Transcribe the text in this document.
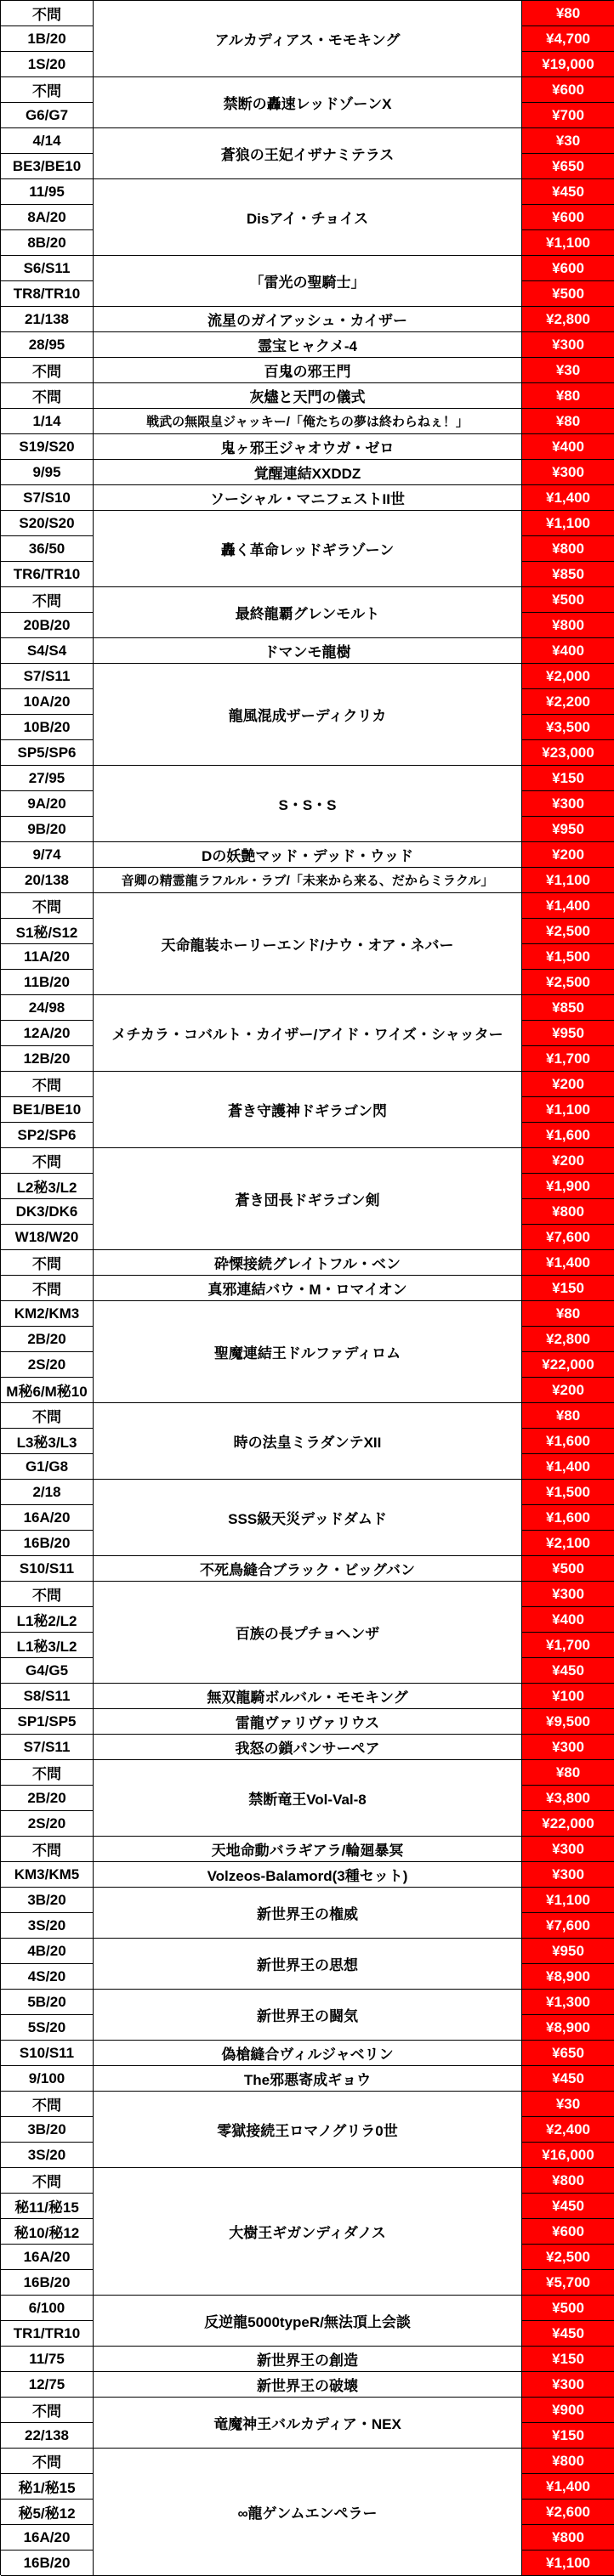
不問	¥80
1B/20	¥4,700
1S/20	¥19,000
アルカディアス・モモキング
不問	¥600
G6/G7	¥700
禁断の轟速レッドゾーンX
4/14	¥30
BE3/BE10	¥650
蒼狼の王妃イザナミテラス
11/95	¥450
8A/20	¥600
8B/20	¥1,100
Disアイ・チョイス
S6/S11	¥600
TR8/TR10	¥500
「雷光の聖騎士」
21/138	¥2,800
流星のガイアッシュ・カイザー
28/95	¥300
霊宝ヒャクメ-4
不問	¥30
百鬼の邪王門
不問	¥80
灰燼と天門の儀式
1/14	¥80
戦武の無限皇ジャッキー/「俺たちの夢は終わらねぇ！」
S19/S20	¥400
鬼ヶ邪王ジャオウガ・ゼロ
9/95	¥300
覚醒連結XXDDZ
S7/S10	¥1,400
ソーシャル・マニフェストII世
S20/S20	¥1,100
36/50	¥800
TR6/TR10	¥850
轟く革命レッドギラゾーン
不問	¥500
20B/20	¥800
最終龍覇グレンモルト
S4/S4	¥400
ドマンモ龍樹
S7/S11	¥2,000
10A/20	¥2,200
10B/20	¥3,500
SP5/SP6	¥23,000
龍風混成ザーディクリカ
27/95	¥150
9A/20	¥300
9B/20	¥950
S・S・S
9/74	¥200
Dの妖艶マッド・デッド・ウッド
20/138	¥1,100
音卿の精霊龍ラフルル・ラブ/「未来から来る、だからミラクル」
不問	¥1,400
S1秘/S12	¥2,500
11A/20	¥1,500
11B/20	¥2,500
天命龍装ホーリーエンド/ナウ・オア・ネバー
24/98	¥850
12A/20	¥950
12B/20	¥1,700
メチカラ・コバルト・カイザー/アイド・ワイズ・シャッター
不問	¥200
BE1/BE10	¥1,100
SP2/SP6	¥1,600
蒼き守護神ドギラゴン閃
不問	¥200
L2秘3/L2	¥1,900
DK3/DK6	¥800
W18/W20	¥7,600
蒼き団長ドギラゴン剣
不問	¥1,400
砕慄接続グレイトフル・ベン
不問	¥150
真邪連結バウ・M・ロマイオン
KM2/KM3	¥80
2B/20	¥2,800
2S/20	¥22,000
M秘6/M秘10	¥200
聖魔連結王ドルファディロム
不問	¥80
L3秘3/L3	¥1,600
G1/G8	¥1,400
時の法皇ミラダンテXII
2/18	¥1,500
16A/20	¥1,600
16B/20	¥2,100
SSS級天災デッドダムド
S10/S11	¥500
不死鳥縫合ブラック・ビッグバン
不問	¥300
L1秘2/L2	¥400
L1秘3/L2	¥1,700
G4/G5	¥450
百族の長プチョヘンザ
S8/S11	¥100
無双龍騎ボルバル・モモキング
SP1/SP5	¥9,500
雷龍ヴァリヴァリウス
S7/S11	¥300
我怒の鎖パンサーペア
不問	¥80
2B/20	¥3,800
2S/20	¥22,000
禁断竜王Vol-Val-8
不問	¥300
天地命動バラギアラ/輪廻暴冥
KM3/KM5	¥300
Volzeos-Balamord(3種セット)
3B/20	¥1,100
3S/20	¥7,600
新世界王の権威
4B/20	¥950
4S/20	¥8,900
新世界王の思想
5B/20	¥1,300
5S/20	¥8,900
新世界王の闘気
S10/S11	¥650
偽槍縫合ヴィルジャベリン
9/100	¥450
The邪悪寄成ギョウ
不問	¥30
3B/20	¥2,400
3S/20	¥16,000
零獄接続王ロマノグリラ0世
不問	¥800
秘11/秘15	¥450
秘10/秘12	¥600
16A/20	¥2,500
16B/20	¥5,700
大樹王ギガンディダノス
6/100	¥500
TR1/TR10	¥450
反逆龍5000typeR/無法頂上会談
11/75	¥150
新世界王の創造
12/75	¥300
新世界王の破壊
不問	¥900
22/138	¥150
竜魔神王バルカディア・NEX
不問	¥800
秘1/秘15	¥1,400
秘5/秘12	¥2,600
16A/20	¥800
16B/20	¥1,100
∞龍ゲンムエンペラー
